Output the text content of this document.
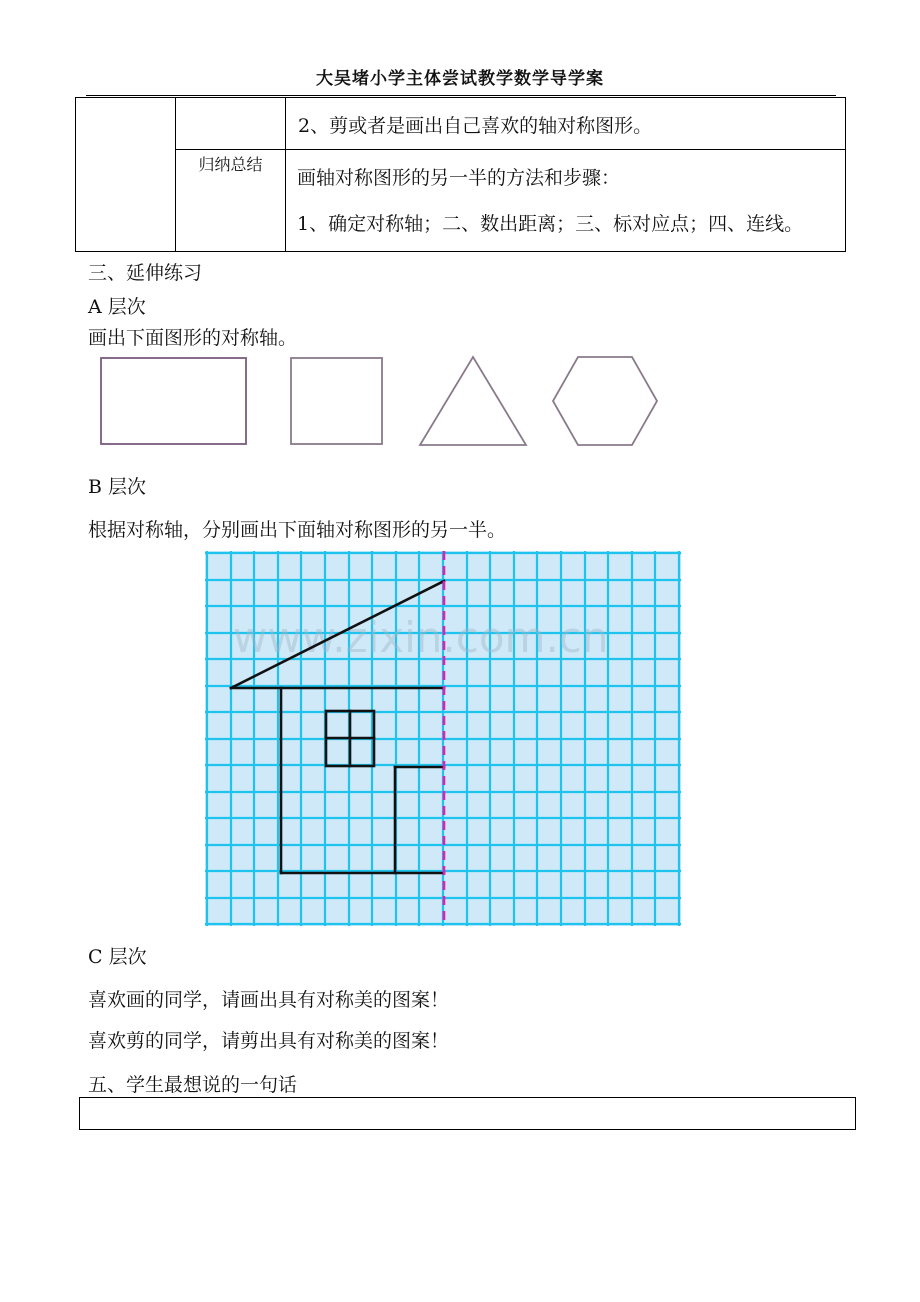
大吴堵小学主体尝试教学数学导学案

		2、剪或者是画出自己喜欢的轴对称图形。

	归纳总结	画轴对称图形的另一半的方法和步骤：
1、确定对称轴；二、数出距离；三、标对应点；四、连线。
三、延伸练习
A 层次
画出下面图形的对称轴。
B 层次
根据对称轴，分别画出下面轴对称图形的另一半。
www.zixin.com.cn
C 层次
喜欢画的同学，请画出具有对称美的图案！
喜欢剪的同学，请剪出具有对称美的图案！
五、学生最想说的一句话
